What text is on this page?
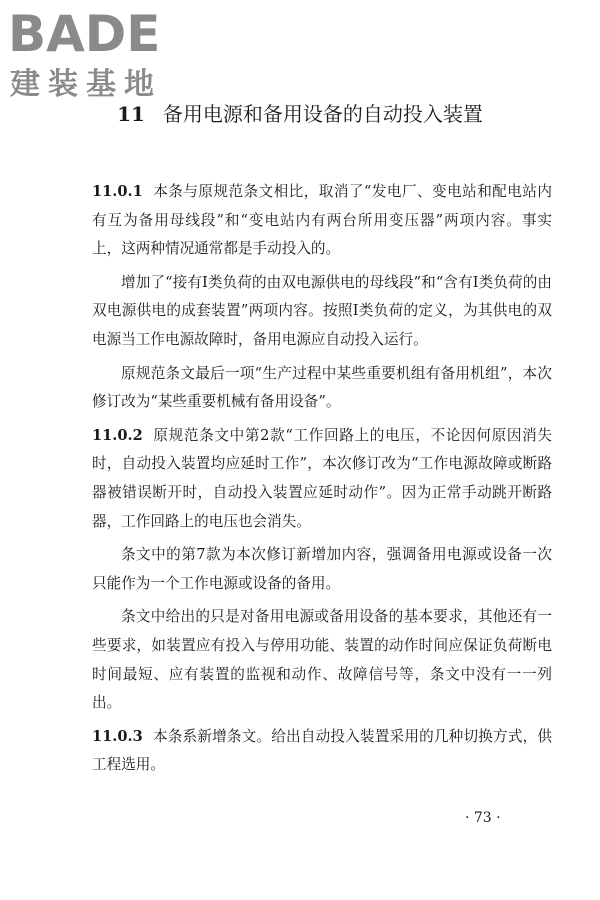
BADE
建装基地
11 备用电源和备用设备的自动投入装置

11.0.1 本条与原规范条文相比，取消了“发电厂、变电站和配电站内有互为备用母线段”和“变电站内有两台所用变压器”两项内容。事实上，这两种情况通常都是手动投入的。

增加了“接有Ⅰ类负荷的由双电源供电的母线段”和“含有Ⅰ类负荷的由双电源供电的成套装置”两项内容。按照Ⅰ类负荷的定义，为其供电的双电源当工作电源故障时，备用电源应自动投入运行。

原规范条文最后一项“生产过程中某些重要机组有备用机组”，本次修订改为“某些重要机械有备用设备”。

11.0.2 原规范条文中第2款“工作回路上的电压，不论因何原因消失时，自动投入装置均应延时工作”，本次修订改为“工作电源故障或断路器被错误断开时，自动投入装置应延时动作”。因为正常手动跳开断路器，工作回路上的电压也会消失。

条文中的第7款为本次修订新增加内容，强调备用电源或设备一次只能作为一个工作电源或设备的备用。

条文中给出的只是对备用电源或备用设备的基本要求，其他还有一些要求，如装置应有投入与停用功能、装置的动作时间应保证负荷断电时间最短、应有装置的监视和动作、故障信号等，条文中没有一一列出。

11.0.3 本条系新增条文。给出自动投入装置采用的几种切换方式，供工程选用。

· 73 ·
